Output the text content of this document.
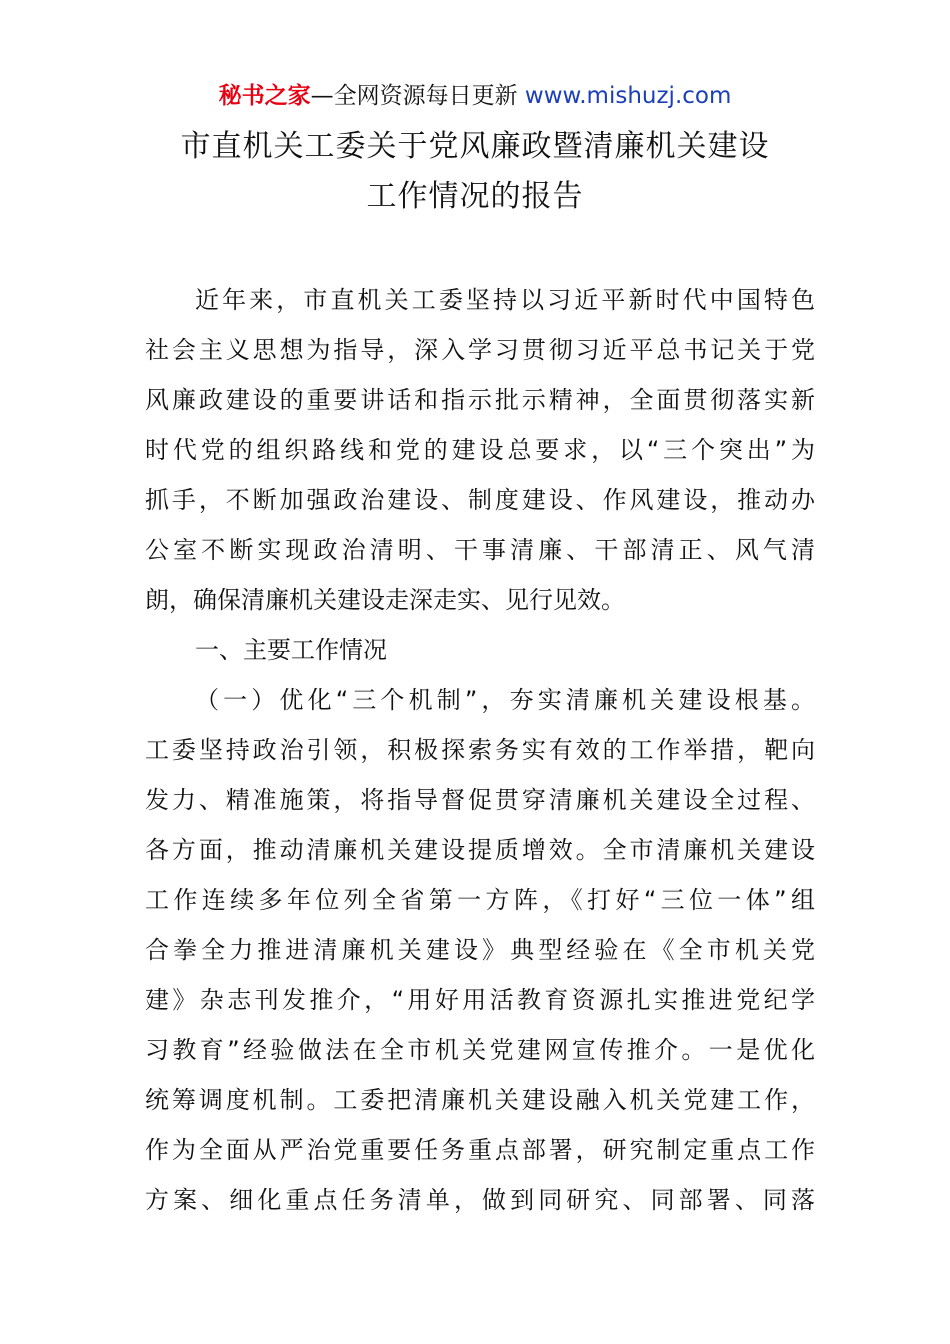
秘书之家—全网资源每日更新 www.mishuzj.com
市直机关工委关于党风廉政暨清廉机关建设
工作情况的报告
近年来，市直机关工委坚持以习近平新时代中国特色
社会主义思想为指导，深入学习贯彻习近平总书记关于党
风廉政建设的重要讲话和指示批示精神，全面贯彻落实新
时代党的组织路线和党的建设总要求，以“三个突出”为
抓手，不断加强政治建设、制度建设、作风建设，推动办
公室不断实现政治清明、干事清廉、干部清正、风气清
朗，确保清廉机关建设走深走实、见行见效。
一、主要工作情况
（一）优化“三个机制”，夯实清廉机关建设根基。
工委坚持政治引领，积极探索务实有效的工作举措，靶向
发力、精准施策，将指导督促贯穿清廉机关建设全过程、
各方面，推动清廉机关建设提质增效。全市清廉机关建设
工作连续多年位列全省第一方阵，《打好“三位一体”组
合拳全力推进清廉机关建设》典型经验在《全市机关党
建》杂志刊发推介，“用好用活教育资源扎实推进党纪学
习教育”经验做法在全市机关党建网宣传推介。一是优化
统筹调度机制。工委把清廉机关建设融入机关党建工作，
作为全面从严治党重要任务重点部署，研究制定重点工作
方案、细化重点任务清单，做到同研究、同部署、同落
